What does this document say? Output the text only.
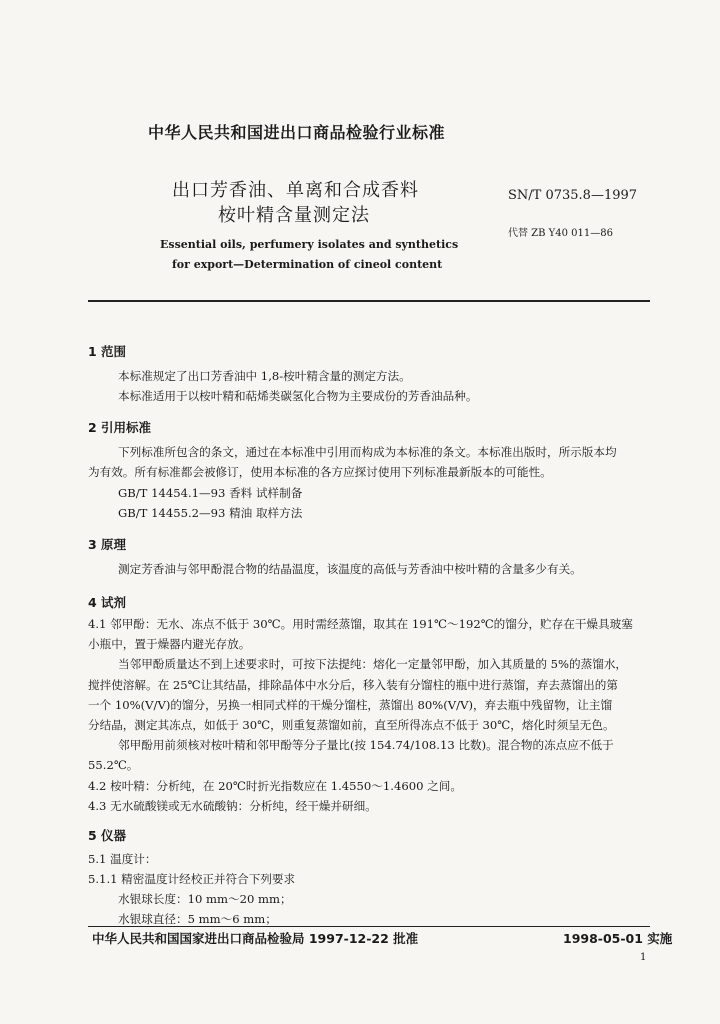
中华人民共和国进出口商品检验行业标准
出口芳香油、单离和合成香料
桉叶精含量测定法
SN/T 0735.8—1997
代替 ZB Y40 011—86
Essential oils, perfumery isolates and synthetics
for export—Determination of cineol content
1 范围
本标准规定了出口芳香油中 1,8-桉叶精含量的测定方法。
本标准适用于以桉叶精和萜烯类碳氢化合物为主要成份的芳香油品种。
2 引用标准
下列标准所包含的条文，通过在本标准中引用而构成为本标准的条文。本标准出版时，所示版本均
为有效。所有标准都会被修订，使用本标准的各方应探讨使用下列标准最新版本的可能性。
GB/T 14454.1—93 香料 试样制备
GB/T 14455.2—93 精油 取样方法
3 原理
测定芳香油与邻甲酚混合物的结晶温度，该温度的高低与芳香油中桉叶精的含量多少有关。
4 试剂
4.1 邻甲酚：无水、冻点不低于 30℃。用时需经蒸馏，取其在 191℃～192℃的馏分，贮存在干燥具玻塞
小瓶中，置于燥器内避光存放。
当邻甲酚质量达不到上述要求时，可按下法提纯：熔化一定量邻甲酚，加入其质量的 5%的蒸馏水，
搅拌使溶解。在 25℃让其结晶，排除晶体中水分后，移入装有分馏柱的瓶中进行蒸馏，弃去蒸馏出的第
一个 10%(V/V)的馏分，另换一相同式样的干燥分馏柱，蒸馏出 80%(V/V)，弃去瓶中残留物，让主馏
分结晶，测定其冻点，如低于 30℃，则重复蒸馏如前，直至所得冻点不低于 30℃，熔化时须呈无色。
邻甲酚用前须核对桉叶精和邻甲酚等分子量比(按 154.74/108.13 比数)。混合物的冻点应不低于
55.2℃。
4.2 桉叶精：分析纯，在 20℃时折光指数应在 1.4550～1.4600 之间。
4.3 无水硫酸镁或无水硫酸钠：分析纯，经干燥并研细。
5 仪器
5.1 温度计：
5.1.1 精密温度计经校正并符合下列要求
水银球长度：10 mm～20 mm；
水银球直径：5 mm～6 mm；
中华人民共和国国家进出口商品检验局 1997-12-22 批准	1998-05-01 实施
1
